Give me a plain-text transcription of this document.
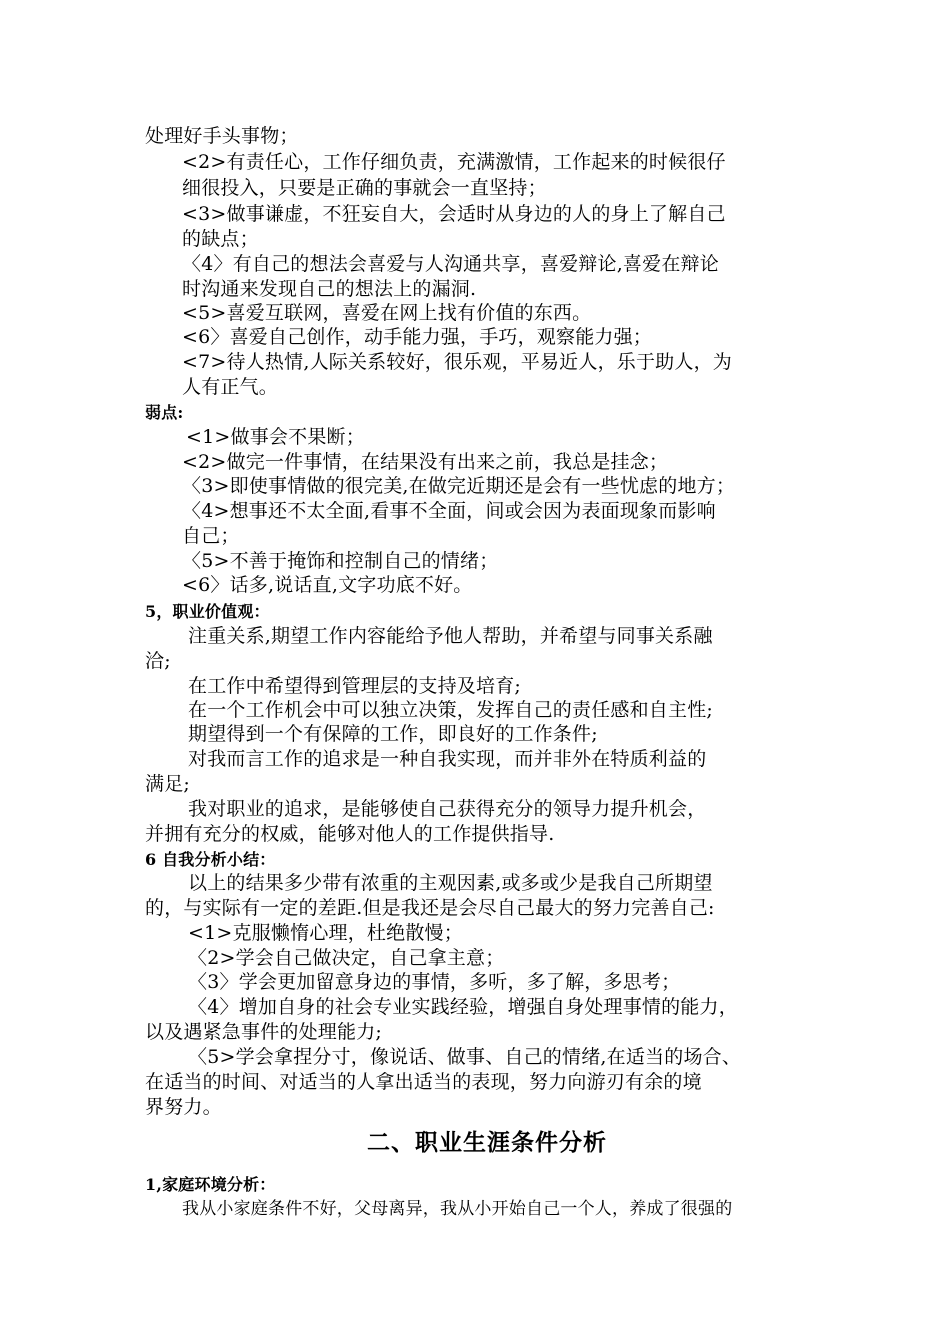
处理好手头事物；
<2>有责任心，工作仔细负责，充满激情，工作起来的时候很仔
细很投入，只要是正确的事就会一直坚持；
<3>做事谦虚，不狂妄自大，会适时从身边的人的身上了解自己
的缺点；
〈4〉有自己的想法会喜爱与人沟通共享，喜爱辩论,喜爱在辩论
时沟通来发现自己的想法上的漏洞.
<5>喜爱互联网，喜爱在网上找有价值的东西。
<6〉喜爱自己创作，动手能力强，手巧，观察能力强；
<7>待人热情,人际关系较好，很乐观，平易近人，乐于助人，为
人有正气。
弱点:
<1>做事会不果断；
<2>做完一件事情，在结果没有出来之前，我总是挂念；
〈3>即使事情做的很完美,在做完近期还是会有一些忧虑的地方；
〈4>想事还不太全面,看事不全面，间或会因为表面现象而影响
自己；
〈5>不善于掩饰和控制自己的情绪；
<6〉话多,说话直,文字功底不好。
5，职业价值观：
注重关系,期望工作内容能给予他人帮助，并希望与同事关系融
洽;
在工作中希望得到管理层的支持及培育;
在一个工作机会中可以独立决策，发挥自己的责任感和自主性;
期望得到一个有保障的工作，即良好的工作条件;
对我而言工作的追求是一种自我实现，而并非外在特质利益的
满足;
我对职业的追求，是能够使自己获得充分的领导力提升机会，
并拥有充分的权威，能够对他人的工作提供指导.
6 自我分析小结：
以上的结果多少带有浓重的主观因素,或多或少是我自己所期望
的，与实际有一定的差距.但是我还是会尽自己最大的努力完善自己:
<1>克服懒惰心理，杜绝散慢；
〈2>学会自己做决定，自己拿主意；
〈3〉学会更加留意身边的事情，多听，多了解，多思考；
〈4〉增加自身的社会专业实践经验，增强自身处理事情的能力，
以及遇紧急事件的处理能力;
〈5>学会拿捏分寸，像说话、做事、自己的情绪,在适当的场合、
在适当的时间、对适当的人拿出适当的表现，努力向游刃有余的境
界努力。
二、职业生涯条件分析
1,家庭环境分析：
我从小家庭条件不好，父母离异，我从小开始自己一个人，养成了很强的
